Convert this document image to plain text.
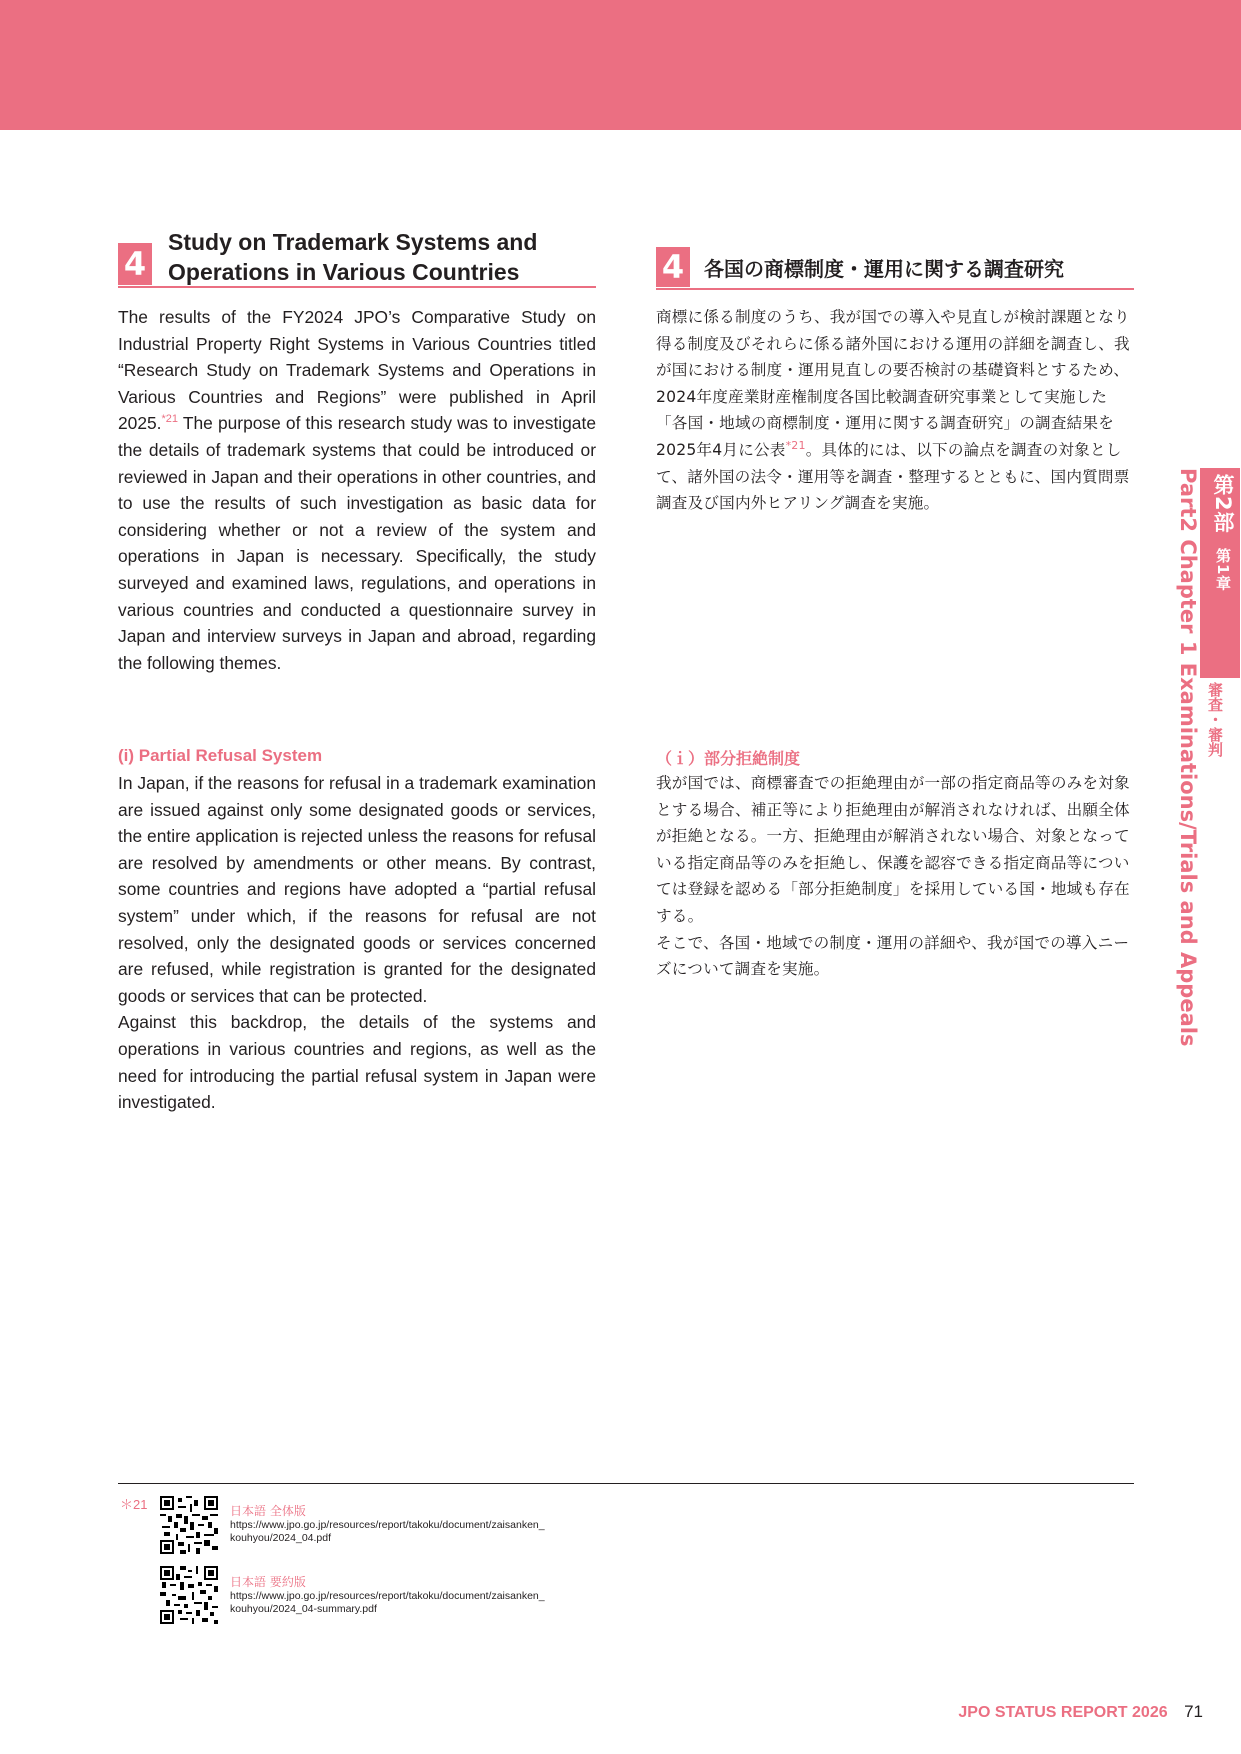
4
Study on Trademark Systems and Operations in Various Countries	4 各国の商標制度・運用に関する調査研究

The results of the FY2024 JPO’s Comparative Study on Industrial Property Right Systems in Various Countries titled “Research Study on Trademark Systems and Operations in Various Countries and Regions” were published in April 2025.$^{*21}$ The purpose of this research study was to investigate the details of trademark systems that could be introduced or reviewed in Japan and their operations in other countries, and to use the results of such investigation as basic data for considering whether or not a review of the system and operations in Japan is necessary. Specifically, the study surveyed and examined laws, regulations, and operations in various countries and conducted a questionnaire survey in Japan and interview surveys in Japan and abroad, regarding the following themes.

(i) Partial Refusal System

In Japan, if the reasons for refusal in a trademark examination are issued against only some designated goods or services, the entire application is rejected unless the reasons for refusal are resolved by amendments or other means. By contrast, some countries and regions have adopted a “partial refusal system” under which, if the reasons for refusal are not resolved, only the designated goods or services concerned are refused, while registration is granted for the designated goods or services that can be protected.

Against this backdrop, the details of the systems and operations in various countries and regions, as well as the need for introducing the partial refusal system in Japan were investigated.

商標に係る制度のうち、我が国での導入や見直しが検討課題となり得る制度及びそれらに係る諸外国における運用の詳細を調査し、我が国における制度・運用見直しの要否検討の基礎資料とするため、2024年度産業財産権制度各国比較調査研究事業として実施した「各国・地域の商標制度・運用に関する調査研究」の調査結果を2025年4月に公表$^{*21}$。具体的には、以下の論点を調査の対象として、諸外国の法令・運用等を調査・整理するとともに、国内質問票調査及び国内外ヒアリング調査を実施。

（ｉ）部分拒絶制度

我が国では、商標審査での拒絶理由が一部の指定商品等のみを対象とする場合、補正等により拒絶理由が解消されなければ、出願全体が拒絶となる。一方、拒絶理由が解消されない場合、対象となっている指定商品等のみを拒絶し、保護を認容できる指定商品等については登録を認める「部分拒絶制度」を採用している国・地域も存在する。

そこで、各国・地域での制度・運用の詳細や、我が国での導入ニーズについて調査を実施。	Part2 Chapter 1 Examinations/Trials and Appeals 第2部 第1章
審査・審判
＊21	日本語 全体版
https://www.jpo.go.jp/resources/report/takoku/document/zaisanken_
kouhyou/2024_04.pdf
日本語 要約版
https://www.jpo.go.jp/resources/report/takoku/document/zaisanken_
kouhyou/2024_04-summary.pdf
JPO STATUS REPORT 2026 71
